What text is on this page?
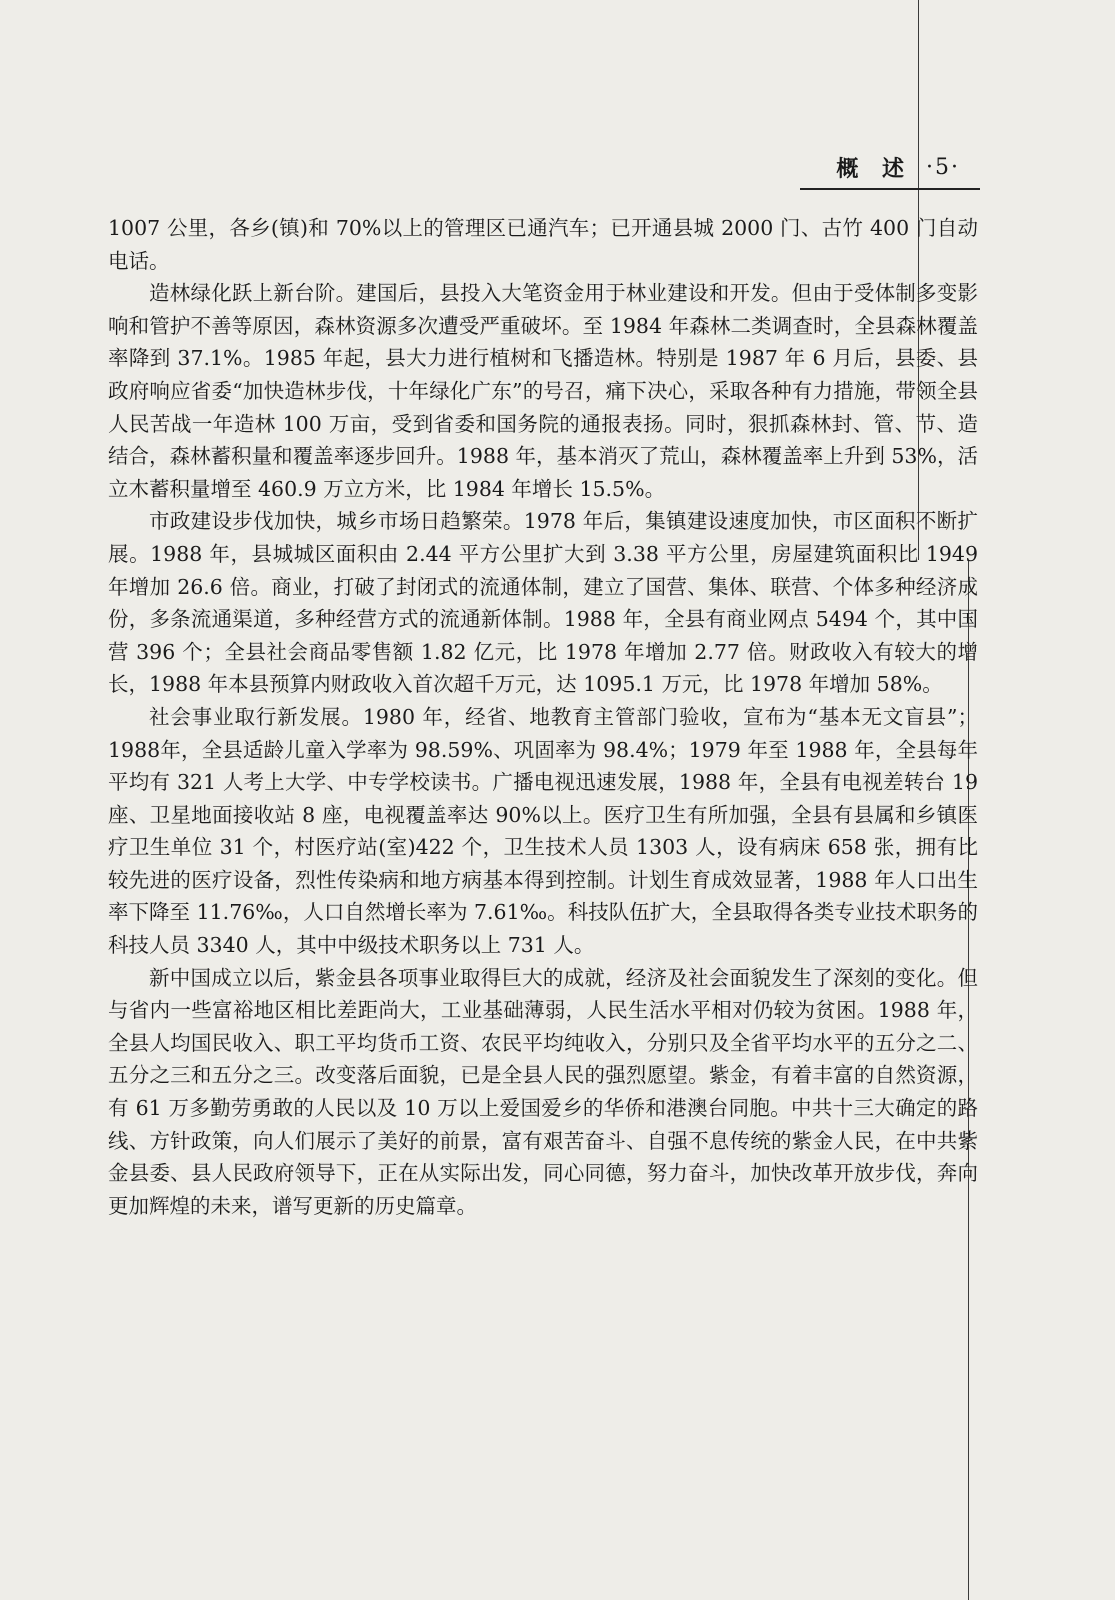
概 述 ·5·

1007 公里，各乡(镇)和 70%以上的管理区已通汽车；已开通县城 2000 门、古竹 400 门自动电话。

造林绿化跃上新台阶。建国后，县投入大笔资金用于林业建设和开发。但由于受体制多变影响和管护不善等原因，森林资源多次遭受严重破坏。至 1984 年森林二类调查时，全县森林覆盖率降到 37.1%。1985 年起，县大力进行植树和飞播造林。特别是 1987 年 6 月后，县委、县政府响应省委“加快造林步伐，十年绿化广东”的号召，痛下决心，采取各种有力措施，带领全县人民苦战一年造林 100 万亩，受到省委和国务院的通报表扬。同时，狠抓森林封、管、节、造结合，森林蓄积量和覆盖率逐步回升。1988 年，基本消灭了荒山，森林覆盖率上升到 53%，活立木蓄积量增至 460.9 万立方米，比 1984 年增长 15.5%。

市政建设步伐加快，城乡市场日趋繁荣。1978 年后，集镇建设速度加快，市区面积不断扩展。1988 年，县城城区面积由 2.44 平方公里扩大到 3.38 平方公里，房屋建筑面积比 1949 年增加 26.6 倍。商业，打破了封闭式的流通体制，建立了国营、集体、联营、个体多种经济成份，多条流通渠道，多种经营方式的流通新体制。1988 年，全县有商业网点 5494 个，其中国营 396 个；全县社会商品零售额 1.82 亿元，比 1978 年增加 2.77 倍。财政收入有较大的增长，1988 年本县预算内财政收入首次超千万元，达 1095.1 万元，比 1978 年增加 58%。

社会事业取行新发展。1980 年，经省、地教育主管部门验收，宣布为“基本无文盲县”；1988年，全县适龄儿童入学率为 98.59%、巩固率为 98.4%；1979 年至 1988 年，全县每年平均有 321 人考上大学、中专学校读书。广播电视迅速发展，1988 年，全县有电视差转台 19 座、卫星地面接收站 8 座，电视覆盖率达 90%以上。医疗卫生有所加强，全县有县属和乡镇医疗卫生单位 31 个，村医疗站(室)422 个，卫生技术人员 1303 人，设有病床 658 张，拥有比较先进的医疗设备，烈性传染病和地方病基本得到控制。计划生育成效显著，1988 年人口出生率下降至 11.76‰，人口自然增长率为 7.61‰。科技队伍扩大，全县取得各类专业技术职务的科技人员 3340 人，其中中级技术职务以上 731 人。

新中国成立以后，紫金县各项事业取得巨大的成就，经济及社会面貌发生了深刻的变化。但与省内一些富裕地区相比差距尚大，工业基础薄弱，人民生活水平相对仍较为贫困。1988 年，全县人均国民收入、职工平均货币工资、农民平均纯收入，分别只及全省平均水平的五分之二、五分之三和五分之三。改变落后面貌，已是全县人民的强烈愿望。紫金，有着丰富的自然资源，有 61 万多勤劳勇敢的人民以及 10 万以上爱国爱乡的华侨和港澳台同胞。中共十三大确定的路线、方针政策，向人们展示了美好的前景，富有艰苦奋斗、自强不息传统的紫金人民，在中共紫金县委、县人民政府领导下，正在从实际出发，同心同德，努力奋斗，加快改革开放步伐，奔向更加辉煌的未来，谱写更新的历史篇章。
